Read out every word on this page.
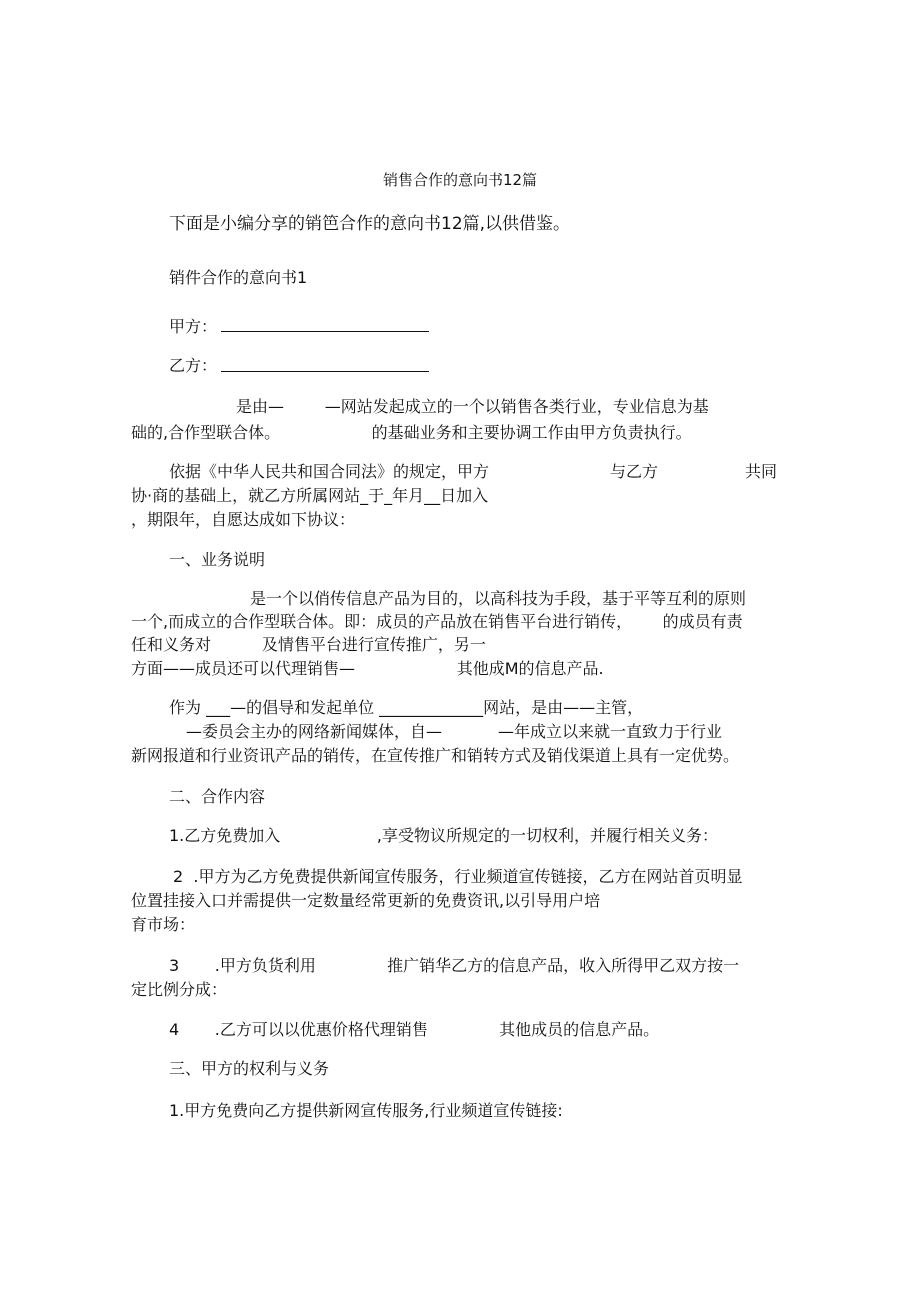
销售合作的意向书12篇
下面是小编分享的销笆合作的意向书12篇,以供借鉴。
销件合作的意向书1
甲方：
乙方：
是由—        —网站发起成立的一个以销售各类行业，专业信息为基
础的,合作型联合体。                  的基础业务和主要协调工作由甲方负责执行。
依据《中华人民共和国合同法》的规定，甲方	与乙方	共同
协·商的基础上，就乙方所属网站_于_年月__日加入
，期限年，自愿达成如下协议：
一、业务说明
是一个以俏传信息产品为目的，以高科技为手段，基于平等互利的原则
一个,而成立的合作型联合体。即：成员的产品放在销售平台进行销传，      的成员有责
任和义务对          及情售平台进行宣传推广，另一
方面——成员还可以代理销售—                    其他成M的信息产品.
作为 ___—的倡导和发起单位 _____________网站，是由——主管，
—委员会主办的网络新闻媒体，自—           —年成立以来就一直致力于行业
新网报道和行业资讯产品的销传，在宣传推广和销转方式及销伐渠道上具有一定优势。
二、合作内容
1.乙方免费加入                   ,享受物议所规定的一切权利，并履行相关义务：
2  .甲方为乙方免费提供新闻宣传服务，行业频道宣传链接，乙方在网站首页明显
位置挂接入口并需提供一定数量经常更新的免费资讯,以引导用户培
育市场：
3       .甲方负货利用              推广销华乙方的信息产品，收入所得甲乙双方按一
定比例分成：
4       .乙方可以以优惠价格代理销售              其他成员的信息产品。
三、甲方的权利与义务
1.甲方免费向乙方提供新网宣传服务,行业频道宣传链接:
